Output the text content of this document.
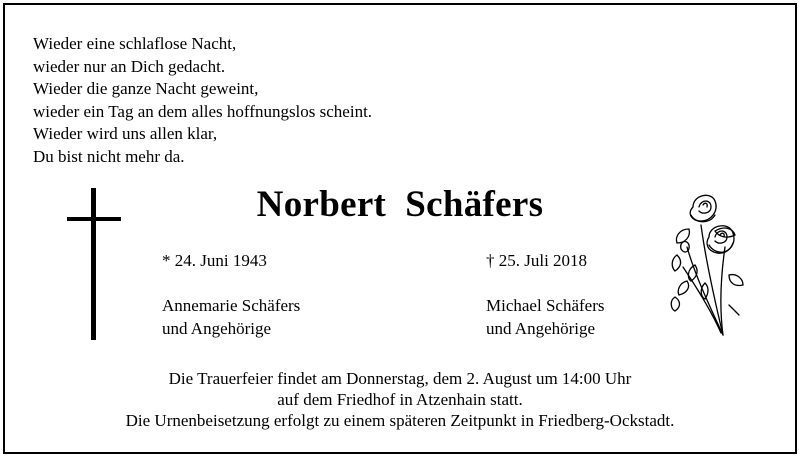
Wieder eine schlaflose Nacht,
wieder nur an Dich gedacht.
Wieder die ganze Nacht geweint,
wieder ein Tag an dem alles hoffnungslos scheint.
Wieder wird uns allen klar,
Du bist nicht mehr da.
Norbert  Schäfers
* 24. Juni 1943	† 25. Juli 2018
Annemarie Schäfers
und Angehörige
Michael Schäfers
und Angehörige
Die Trauerfeier findet am Donnerstag, dem 2. August um 14:00 Uhr
auf dem Friedhof in Atzenhain statt.
Die Urnenbeisetzung erfolgt zu einem späteren Zeitpunkt in Friedberg-Ockstadt.
